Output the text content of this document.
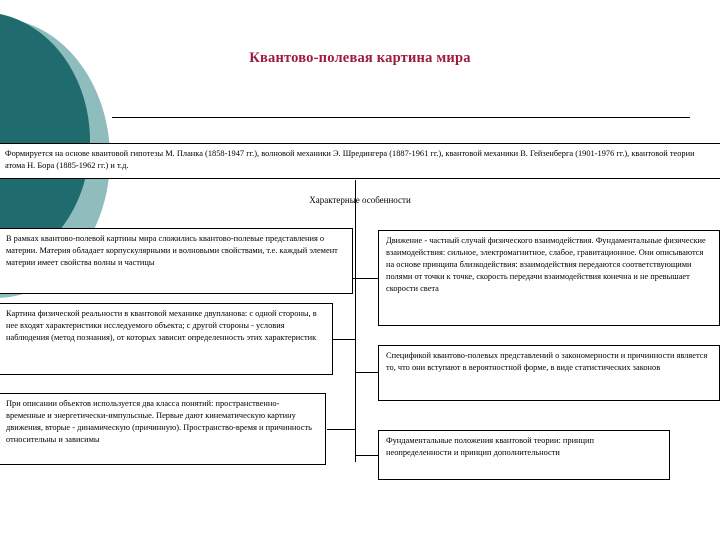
Квантово-полевая картина мира

Формируется на основе квантовой гипотезы М. Планка (1858-1947 гг.), волновой механики Э. Шредингера (1887-1961 гг.), квантовой механики В. Гейзенберга (1901-1976 гг.), квантовой теории атома Н. Бора (1885-1962 гг.) и т.д.

Характерные особенности

В рамках квантово-полевой картины мира сложились квантово-полевые представления о материи. Материя обладает корпускулярными и волновыми свойствами, т.е. каждый элемент материи имеет свойства волны и частицы

Картина физической реальности в квантовой механике двупланова: с одной стороны, в нее входят характеристики исследуемого объекта; с другой стороны - условия наблюдения (метод познания), от которых зависит определенность этих характеристик

При описании объектов используется два класса понятий: пространственно-временные и энергетически-импульсные. Первые дают кинематическую картину движения, вторые - динамическую (причинную). Пространство-время и причинность относительны и зависимы

Движение - частный случай физического взаимодействия. Фундаментальные физические взаимодействия: сильное, электромагнитное, слабое, гравитационное. Они описываются на основе принципа близкодействия: взаимодействия передаются соответствующими полями от точки к точке, скорость передачи взаимодействия конечна и не превышает скорости света

Спецификой квантово-полевых представлений о закономерности и причинности является то, что они вступают в вероятностной форме, в виде статистических законов

Фундаментальные положения квантовой теории: принцип неопределенности и принцип дополнительности
